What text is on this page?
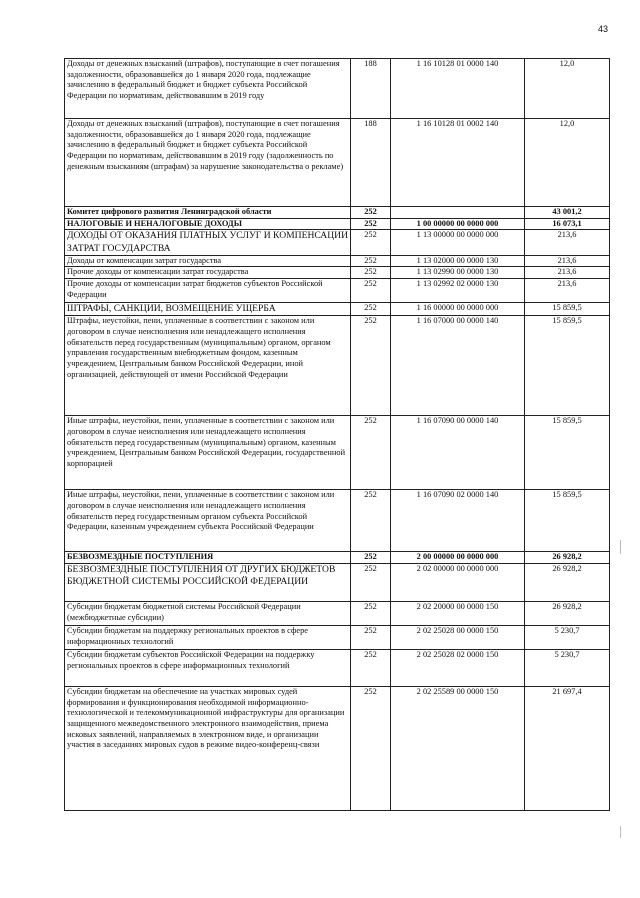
43
Доходы от денежных взысканий (штрафов), поступающие в счет погашения задолженности, образовавшейся до 1 января 2020 года, подлежащие зачислению в федеральный бюджет и бюджет субъекта Российской Федерации по нормативам, действовавшим в 2019 году	188	1 16 10128 01 0000 140	12,0
Доходы от денежных взысканий (штрафов), поступающие в счет погашения задолженности, образовавшейся до 1 января 2020 года, подлежащие зачислению в федеральный бюджет и бюджет субъекта Российской Федерации по нормативам, действовавшим в 2019 году (задолженность по денежным взысканиям (штрафам) за нарушение законодательства о рекламе)	188	1 16 10128 01 0002 140	12,0
Комитет цифрового развития Ленинградской области	252		43 001,2
НАЛОГОВЫЕ И НЕНАЛОГОВЫЕ ДОХОДЫ	252	1 00 00000 00 0000 000	16 073,1
ДОХОДЫ ОТ ОКАЗАНИЯ ПЛАТНЫХ УСЛУГ И КОМПЕНСАЦИИ ЗАТРАТ ГОСУДАРСТВА	252	1 13 00000 00 0000 000	213,6
Доходы от компенсации затрат государства	252	1 13 02000 00 0000 130	213,6
Прочие доходы от компенсации затрат государства	252	1 13 02990 00 0000 130	213,6
Прочие доходы от компенсации затрат бюджетов субъектов Российской Федерации	252	1 13 02992 02 0000 130	213,6
ШТРАФЫ, САНКЦИИ, ВОЗМЕЩЕНИЕ УЩЕРБА	252	1 16 00000 00 0000 000	15 859,5
Штрафы, неустойки, пени, уплаченные в соответствии с законом или договором в случае неисполнения или ненадлежащего исполнения обязательств перед государственным (муниципальным) органом, органом управления государственным внебюджетным фондом, казенным учреждением, Центральным банком Российской Федерации, иной организацией, действующей от имени Российской Федерации	252	1 16 07000 00 0000 140	15 859,5
Иные штрафы, неустойки, пени, уплаченные в соответствии с законом или договором в случае неисполнения или ненадлежащего исполнения обязательств перед государственным (муниципальным) органом, казенным учреждением, Центральным банком Российской Федерации, государственной корпорацией	252	1 16 07090 00 0000 140	15 859,5
Иные штрафы, неустойки, пени, уплаченные в соответствии с законом или договором в случае неисполнения или ненадлежащего исполнения обязательств перед государственным органом субъекта Российской Федерации, казенным учреждением субъекта Российской Федерации	252	1 16 07090 02 0000 140	15 859,5
БЕЗВОЗМЕЗДНЫЕ ПОСТУПЛЕНИЯ	252	2 00 00000 00 0000 000	26 928,2
БЕЗВОЗМЕЗДНЫЕ ПОСТУПЛЕНИЯ ОТ ДРУГИХ БЮДЖЕТОВ БЮДЖЕТНОЙ СИСТЕМЫ РОССИЙСКОЙ ФЕДЕРАЦИИ	252	2 02 00000 00 0000 000	26 928,2
Субсидии бюджетам бюджетной системы Российской Федерации (межбюджетные субсидии)	252	2 02 20000 00 0000 150	26 928,2
Субсидии бюджетам на поддержку региональных проектов в сфере информационных технологий	252	2 02 25028 00 0000 150	5 230,7
Субсидии бюджетам субъектов Российской Федерации на поддержку региональных проектов в сфере информационных технологий	252	2 02 25028 02 0000 150	5 230,7
Субсидии бюджетам на обеспечение на участках мировых судей формирования и функционирования необходимой информационно-технологической и телекоммуникационной инфраструктуры для организации защищенного межведомственного электронного взаимодействия, приема исковых заявлений, направляемых в электронном виде, и организации участия в заседаниях мировых судов в режиме видео-конференц-связи	252	2 02 25589 00 0000 150	21 697,4
